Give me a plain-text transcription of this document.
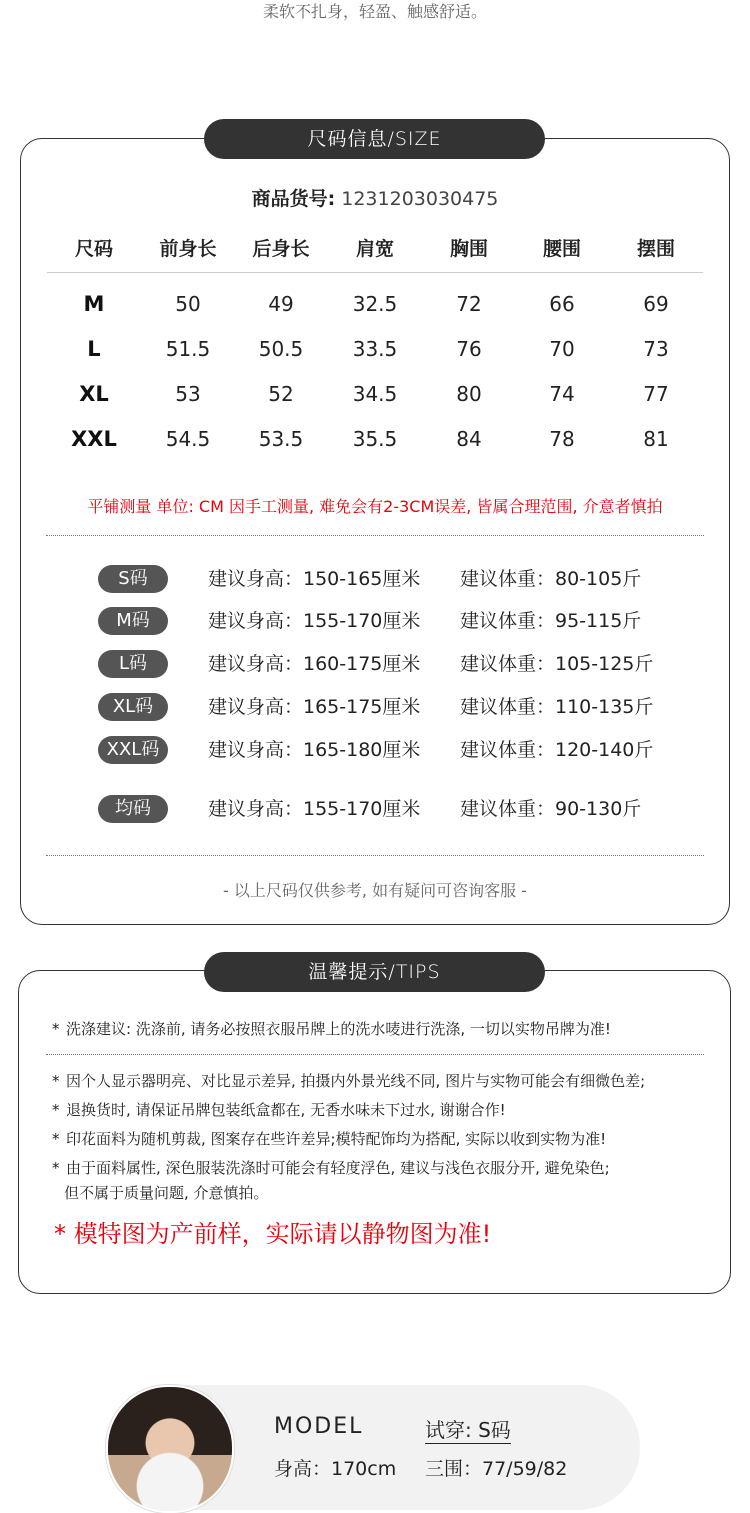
柔软不扎身，轻盈、触感舒适。
尺码信息/SIZE
商品货号: 1231203030475
尺码	前身长	后身长	肩宽	胸围	腰围	摆围
M	50	49	32.5	72	66	69
L	51.5	50.5	33.5	76	70	73
XL	53	52	34.5	80	74	77
XXL	54.5	53.5	35.5	84	78	81
平铺测量 单位: CM 因手工测量, 难免会有2-3CM误差, 皆属合理范围, 介意者慎拍
S码	建议身高：150-165厘米 建议体重：80-105斤
M码	建议身高：155-170厘米 建议体重：95-115斤
L码	建议身高：160-175厘米 建议体重：105-125斤
XL码	建议身高：165-175厘米 建议体重：110-135斤
XXL码	建议身高：165-180厘米 建议体重：120-140斤
均码	建议身高：155-170厘米 建议体重：90-130斤
- 以上尺码仅供参考, 如有疑问可咨询客服 -
温馨提示/TIPS
* 洗涤建议: 洗涤前, 请务必按照衣服吊牌上的洗水唛进行洗涤, 一切以实物吊牌为准!
* 因个人显示器明亮、对比显示差异, 拍摄内外景光线不同, 图片与实物可能会有细微色差;
* 退换货时, 请保证吊牌包装纸盒都在, 无香水味未下过水, 谢谢合作!
* 印花面料为随机剪裁, 图案存在些许差异;模特配饰均为搭配, 实际以收到实物为准!
* 由于面料属性, 深色服装洗涤时可能会有轻度浮色, 建议与浅色衣服分开, 避免染色;
但不属于质量问题, 介意慎拍。
* 模特图为产前样，实际请以静物图为准!
MODEL	试穿: S码
身高：170cm 三围：77/59/82
